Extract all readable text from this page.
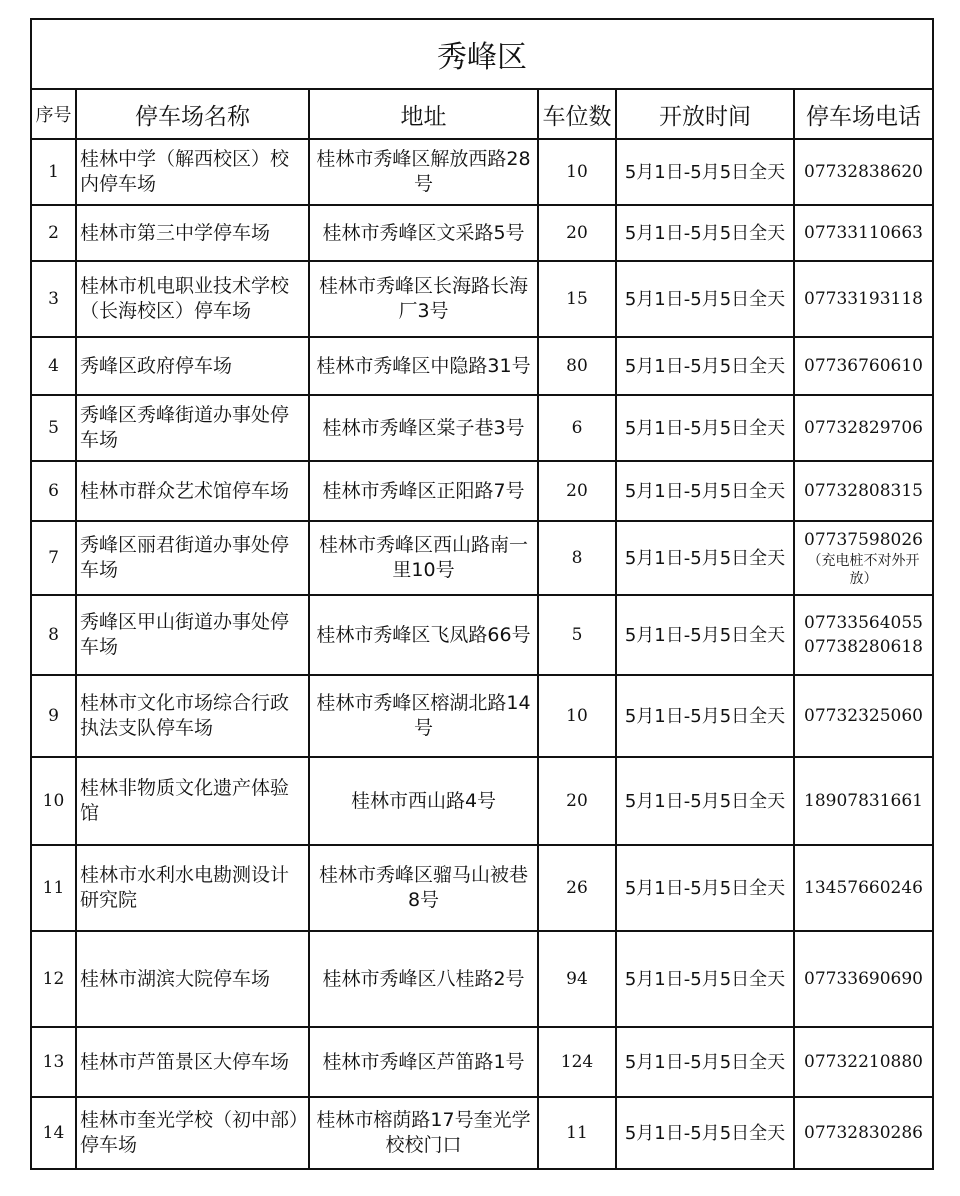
秀峰区					
序号	停车场名称	地址	车位数	开放时间	停车场电话
1	桂林中学（解西校区）校内停车场	桂林市秀峰区解放西路28号	10	5月1日-5月5日全天	07732838620

2	桂林市第三中学停车场	桂林市秀峰区文采路5号	20	5月1日-5月5日全天	07733110663

3	桂林市机电职业技术学校（长海校区）停车场	桂林市秀峰区长海路长海厂3号	15	5月1日-5月5日全天	07733193118

4	秀峰区政府停车场	桂林市秀峰区中隐路31号	80	5月1日-5月5日全天	07736760610

5	秀峰区秀峰街道办事处停车场	桂林市秀峰区棠子巷3号	6	5月1日-5月5日全天	07732829706

6	桂林市群众艺术馆停车场	桂林市秀峰区正阳路7号	20	5月1日-5月5日全天	07732808315

7	秀峰区丽君街道办事处停车场	桂林市秀峰区西山路南一里10号	8	5月1日-5月5日全天	07737598026
（充电桩不对外开放）

8	秀峰区甲山街道办事处停车场	桂林市秀峰区飞凤路66号	5	5月1日-5月5日全天	07733564055
07738280618

9	桂林市文化市场综合行政执法支队停车场	桂林市秀峰区榕湖北路14号	10	5月1日-5月5日全天	07732325060

10	桂林非物质文化遗产体验馆	桂林市西山路4号	20	5月1日-5月5日全天	18907831661

11	桂林市水利水电勘测设计研究院	桂林市秀峰区骝马山被巷8号	26	5月1日-5月5日全天	13457660246

12	桂林市湖滨大院停车场	桂林市秀峰区八桂路2号	94	5月1日-5月5日全天	07733690690

13	桂林市芦笛景区大停车场	桂林市秀峰区芦笛路1号	124	5月1日-5月5日全天	07732210880

14	桂林市奎光学校（初中部）停车场	桂林市榕荫路17号奎光学校校门口	11	5月1日-5月5日全天	07732830286
